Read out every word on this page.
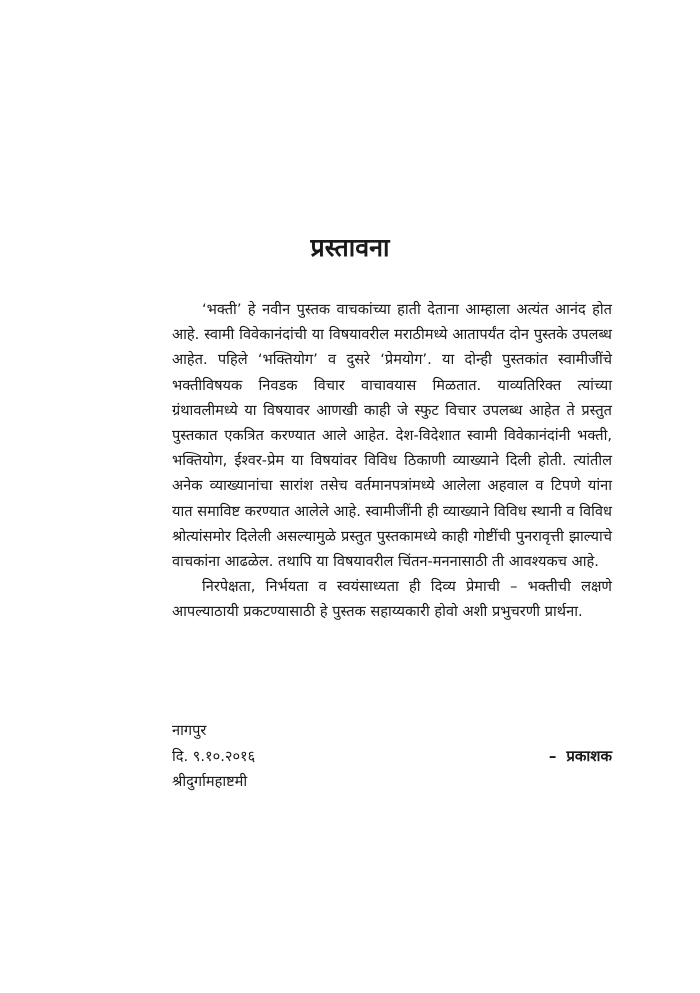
प्रस्तावना

‘भक्ती’ हे नवीन पुस्तक वाचकांच्या हाती देताना आम्हाला अत्यंत आनंद होत आहे. स्वामी विवेकानंदांची या विषयावरील मराठीमध्ये आतापर्यंत दोन पुस्तके उपलब्ध आहेत. पहिले ‘भक्तियोग’ व दुसरे ‘प्रेमयोग’. या दोन्ही पुस्तकांत स्वामीजींचे भक्तीविषयक निवडक विचार वाचावयास मिळतात. याव्यतिरिक्त त्यांच्या ग्रंथावलीमध्ये या विषयावर आणखी काही जे स्फुट विचार उपलब्ध आहेत ते प्रस्तुत पुस्तकात एकत्रित करण्यात आले आहेत. देश-विदेशात स्वामी विवेकानंदांनी भक्ती, भक्तियोग, ईश्वर-प्रेम या विषयांवर विविध ठिकाणी व्याख्याने दिली होती. त्यांतील अनेक व्याख्यानांचा सारांश तसेच वर्तमानपत्रांमध्ये आलेला अहवाल व टिपणे यांना यात समाविष्ट करण्यात आलेले आहे. स्वामीजींनी ही व्याख्याने विविध स्थानी व विविध श्रोत्यांसमोर दिलेली असल्यामुळे प्रस्तुत पुस्तकामध्ये काही गोष्टींची पुनरावृत्ती झाल्याचे वाचकांना आढळेल. तथापि या विषयावरील चिंतन-मननासाठी ती आवश्यकच आहे.

निरपेक्षता, निर्भयता व स्वयंसाध्यता ही दिव्य प्रेमाची – भक्तीची लक्षणे आपल्याठायी प्रकटण्यासाठी हे पुस्तक सहाय्यकारी होवो अशी प्रभुचरणी प्रार्थना.

नागपुर
दि. ९.१०.२०१६
श्रीदुर्गामहाष्टमी
– प्रकाशक
